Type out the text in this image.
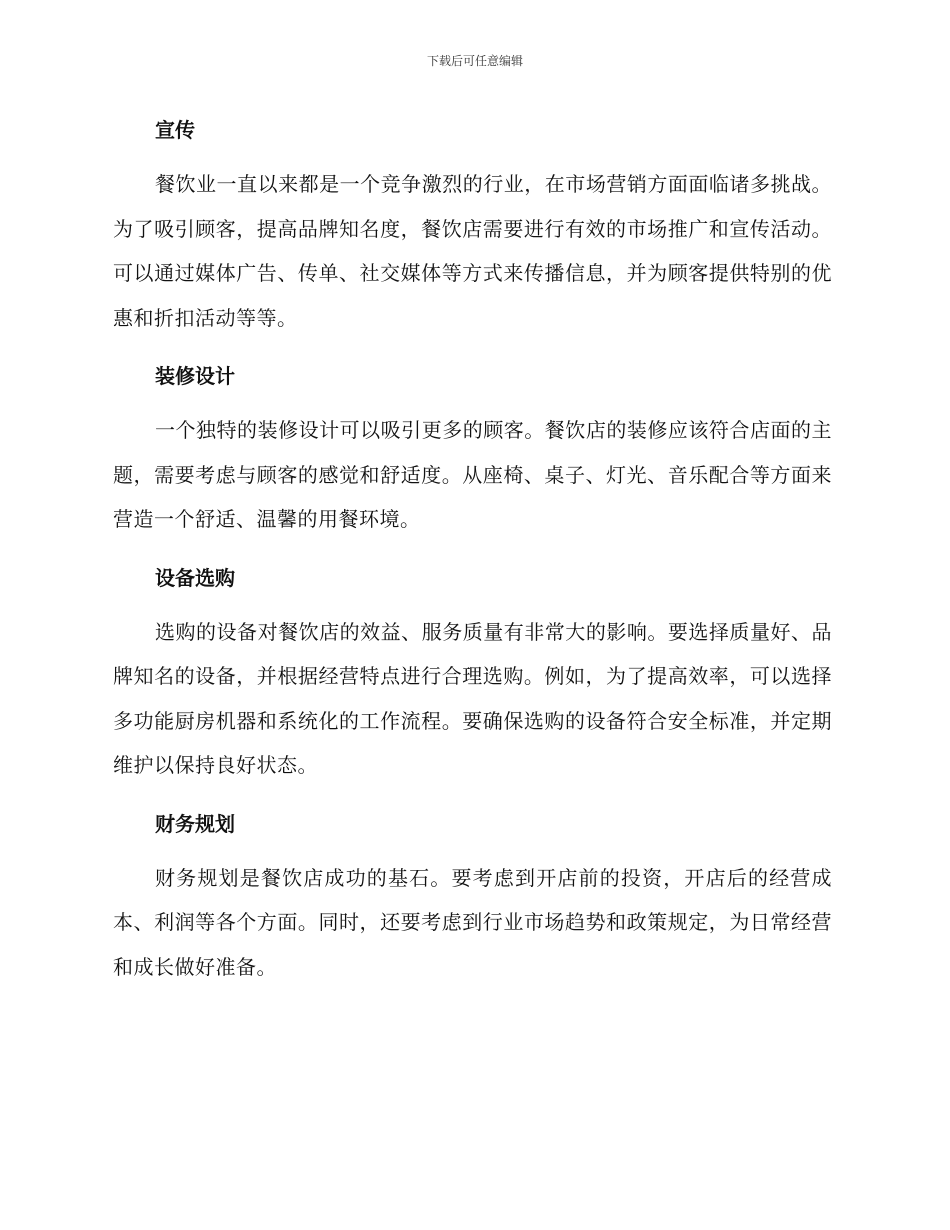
下载后可任意编辑
宣传

餐饮业一直以来都是一个竞争激烈的行业，在市场营销方面面临诸多挑战。为了吸引顾客，提高品牌知名度，餐饮店需要进行有效的市场推广和宣传活动。可以通过媒体广告、传单、社交媒体等方式来传播信息，并为顾客提供特别的优惠和折扣活动等等。

装修设计

一个独特的装修设计可以吸引更多的顾客。餐饮店的装修应该符合店面的主题，需要考虑与顾客的感觉和舒适度。从座椅、桌子、灯光、音乐配合等方面来营造一个舒适、温馨的用餐环境。

设备选购

选购的设备对餐饮店的效益、服务质量有非常大的影响。要选择质量好、品牌知名的设备，并根据经营特点进行合理选购。例如，为了提高效率，可以选择多功能厨房机器和系统化的工作流程。要确保选购的设备符合安全标准，并定期维护以保持良好状态。

财务规划

财务规划是餐饮店成功的基石。要考虑到开店前的投资，开店后的经营成本、利润等各个方面。同时，还要考虑到行业市场趋势和政策规定，为日常经营和成长做好准备。
